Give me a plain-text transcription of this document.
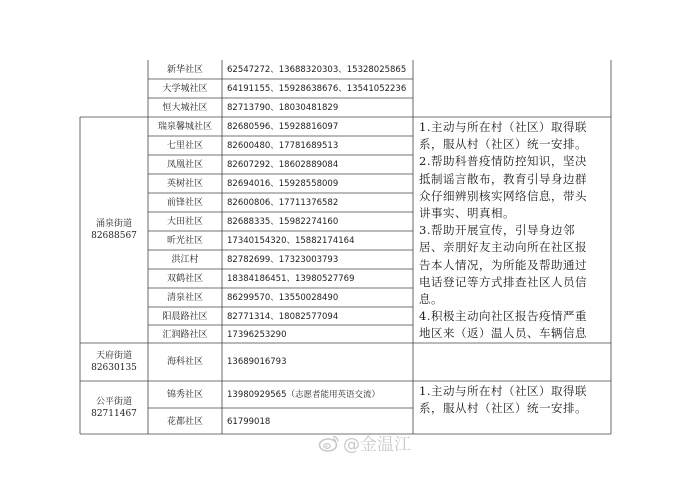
新华社区	62547272、13688320303、15328025865
大学城社区	64191155、15928638676、13541052236
恒大城社区	82713790、18030481829
涌泉街道
82688567
瑞泉馨城社区	82680596、15928816097
七里社区	82600480、17781689513
凤凰社区	82607292、18602889084
英树社区	82694016、15928558009
前锋社区	82600806、17711376582
大田社区	82688335、15982274160
昕光社区	17340154320、15882174164
洪江村	82782699、17323003793
双鹤社区	18384186451、13980527769
清泉社区	86299570、13550028490
阳晨路社区	82771314、18082577094
汇润路社区	17396253290
1.主动与所在村（社区）取得联
系，服从村（社区）统一安排。
2.帮助科普疫情防控知识，坚决
抵制谣言散布，教育引导身边群
众仔细辨别核实网络信息，带头
讲事实、明真相。
3.帮助开展宣传，引导身边邻
居、亲朋好友主动向所在社区报
告本人情况，为所能及帮助通过
电话登记等方式排查社区人员信
息。
4.积极主动向社区报告疫情严重
地区来（返）温人员、车辆信息
天府街道
82630135
海科社区	13689016793
公平街道
82711467
锦秀社区	13980929565（志愿者能用英语交流）
花都社区	61799018
1.主动与所在村（社区）取得联
系，服从村（社区）统一安排。
@金温江
